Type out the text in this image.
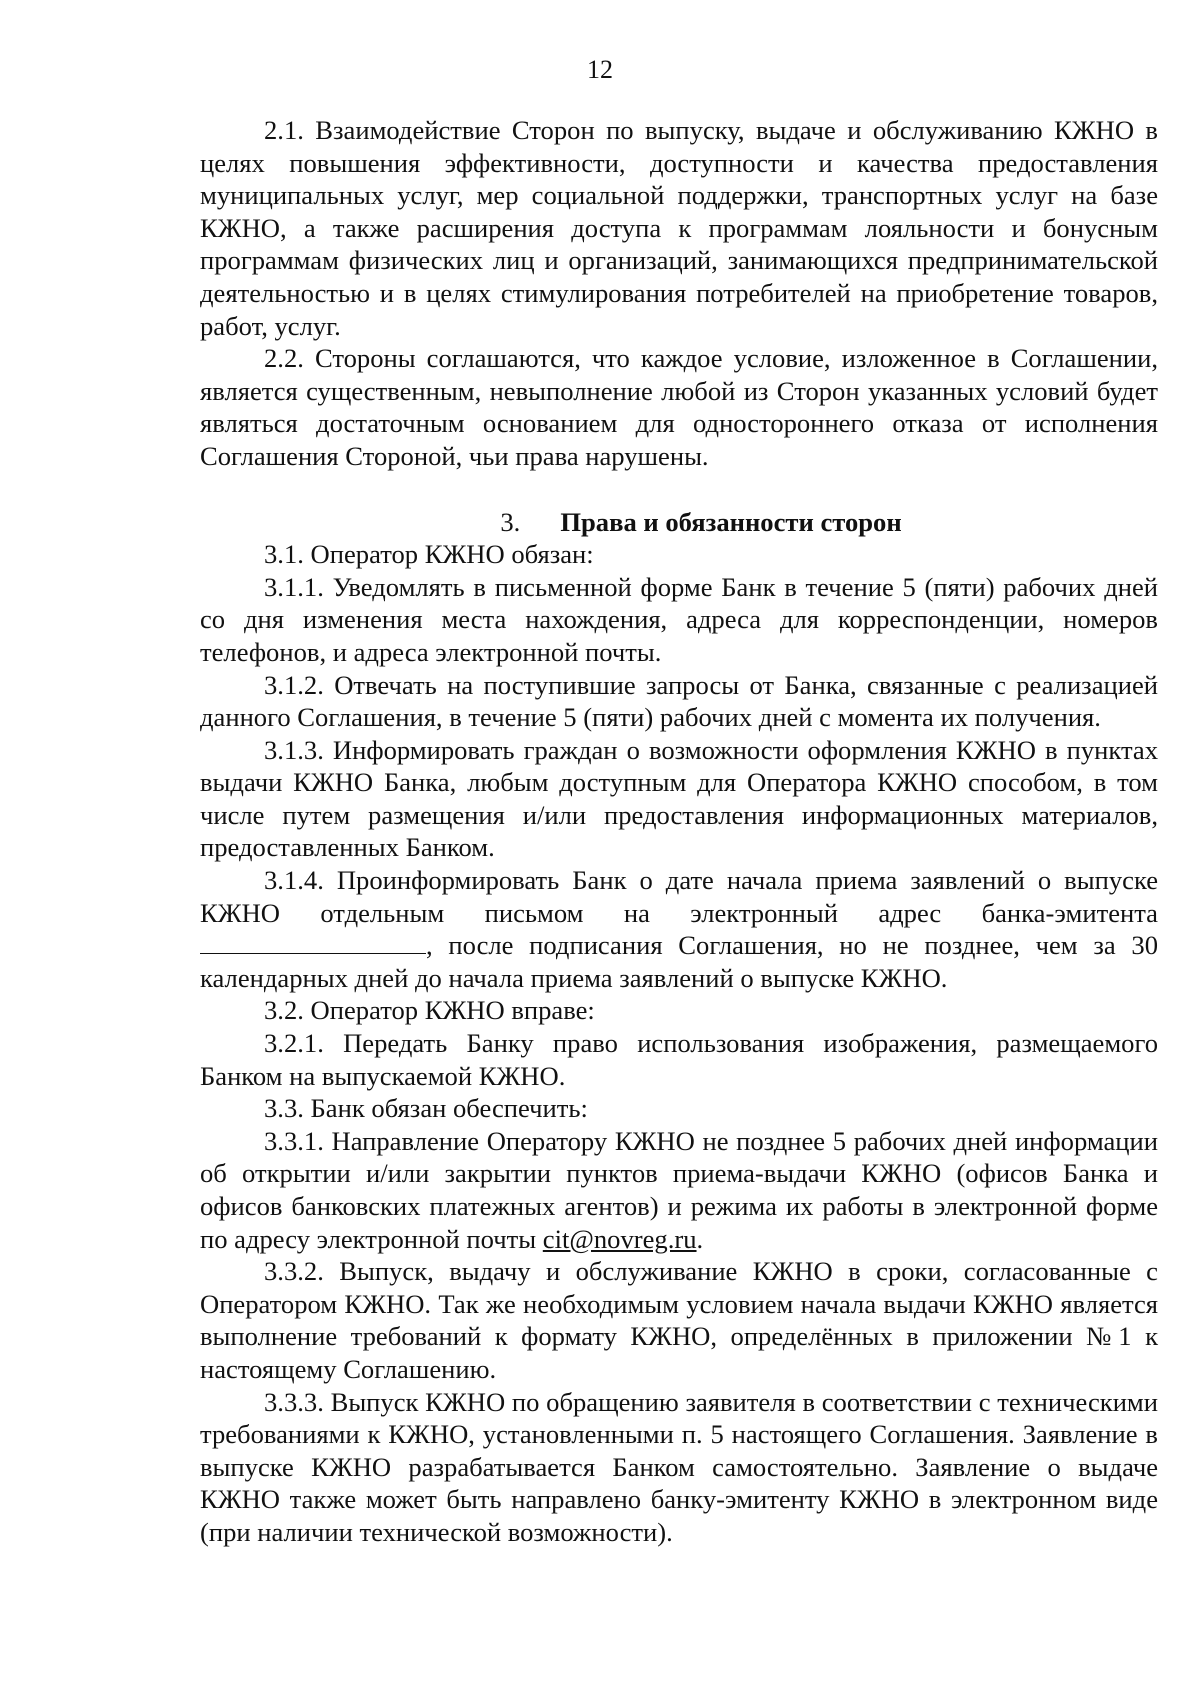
12

2.1. Взаимодействие Сторон по выпуску, выдаче и обслуживанию КЖНО в целях повышения эффективности, доступности и качества предоставления муниципальных услуг, мер социальной поддержки, транспортных услуг на базе КЖНО, а также расширения доступа к программам лояльности и бонусным программам физических лиц и организаций, занимающихся предпринимательской деятельностью и в целях стимулирования потребителей на приобретение товаров, работ, услуг.

2.2. Стороны соглашаются, что каждое условие, изложенное в Соглашении, является существенным, невыполнение любой из Сторон указанных условий будет являться достаточным основанием для одностороннего отказа от исполнения Соглашения Стороной, чьи права нарушены.

3. Права и обязанности сторон

3.1. Оператор КЖНО обязан:

3.1.1. Уведомлять в письменной форме Банк в течение 5 (пяти) рабочих дней со дня изменения места нахождения, адреса для корреспонденции, номеров телефонов, и адреса электронной почты.

3.1.2. Отвечать на поступившие запросы от Банка, связанные с реализацией данного Соглашения, в течение 5 (пяти) рабочих дней с момента их получения.

3.1.3. Информировать граждан о возможности оформления КЖНО в пунктах выдачи КЖНО Банка, любым доступным для Оператора КЖНО способом, в том числе путем размещения и/или предоставления информационных материалов, предоставленных Банком.

3.1.4. Проинформировать Банк о дате начала приема заявлений о выпуске КЖНО отдельным письмом на электронный адрес банка-эмитента , после подписания Соглашения, но не позднее, чем за 30 календарных дней до начала приема заявлений о выпуске КЖНО.

3.2. Оператор КЖНО вправе:

3.2.1. Передать Банку право использования изображения, размещаемого Банком на выпускаемой КЖНО.

3.3. Банк обязан обеспечить:

3.3.1. Направление Оператору КЖНО не позднее 5 рабочих дней информации об открытии и/или закрытии пунктов приема-выдачи КЖНО (офисов Банка и офисов банковских платежных агентов) и режима их работы в электронной форме по адресу электронной почты cit@novreg.ru.

3.3.2. Выпуск, выдачу и обслуживание КЖНО в сроки, согласованные с Оператором КЖНО. Так же необходимым условием начала выдачи КЖНО является выполнение требований к формату КЖНО, определённых в приложении №1 к настоящему Соглашению.

3.3.3. Выпуск КЖНО по обращению заявителя в соответствии с техническими требованиями к КЖНО, установленными п. 5 настоящего Соглашения. Заявление в выпуске КЖНО разрабатывается Банком самостоятельно. Заявление о выдаче КЖНО также может быть направлено банку-эмитенту КЖНО в электронном виде (при наличии технической возможности).
